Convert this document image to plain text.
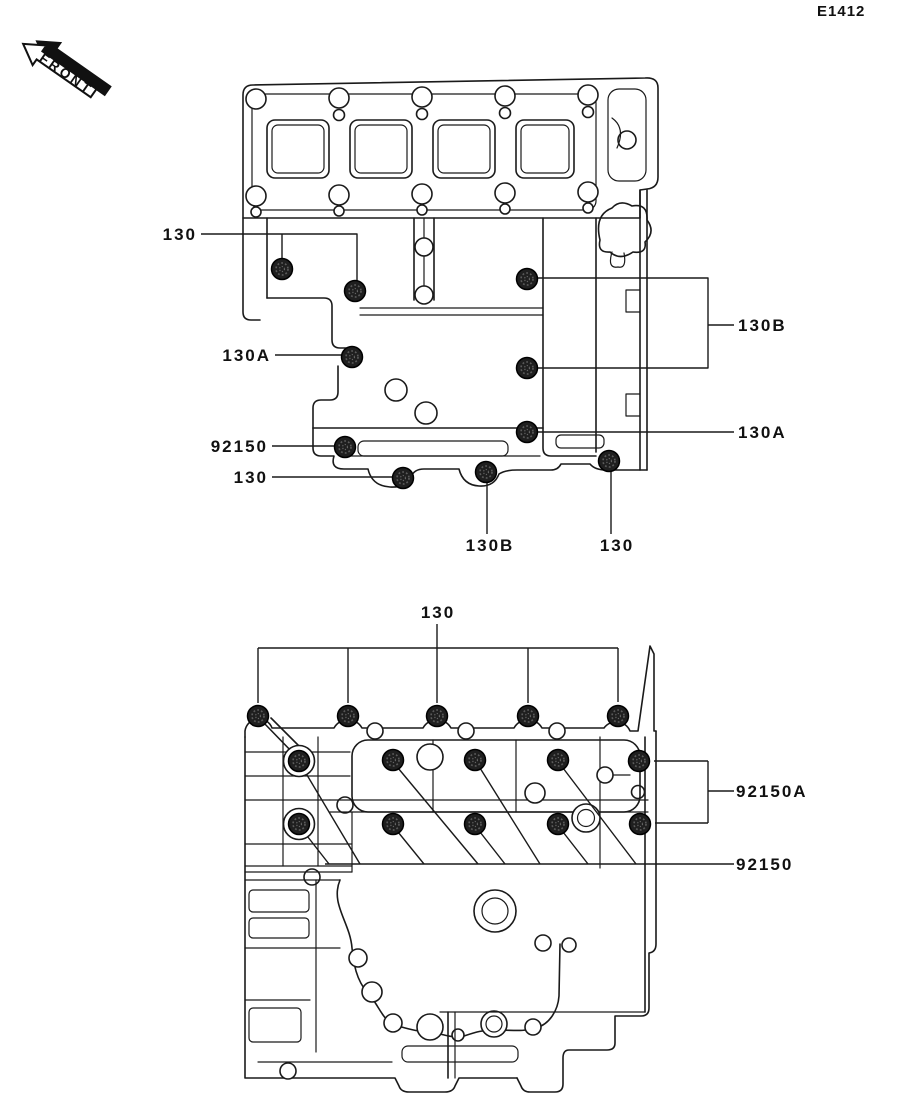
E1412
FRONT
130
130A
92150
130
130B
130A
130B	130
130
92150A
92150
